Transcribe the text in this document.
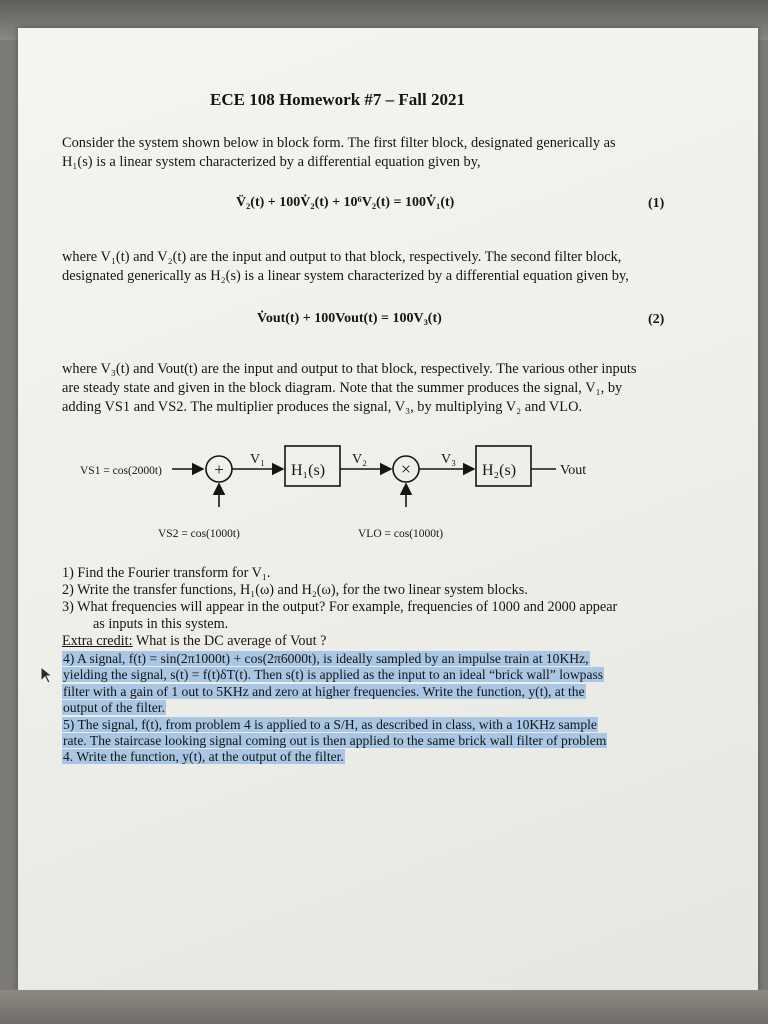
ECE 108 Homework #7 – Fall 2021
Consider the system shown below in block form. The first filter block, designated generically as
H₁(s) is a linear system characterized by a differential equation given by,
V̈₂(t) + 100V̇₂(t) + 10⁶V₂(t) = 100V̇₁(t)	(1)
where V₁(t) and V₂(t) are the input and output to that block, respectively. The second filter block,
designated generically as H₂(s) is a linear system characterized by a differential equation given by,
V̇out(t) + 100Vout(t) = 100V₃(t)	(2)
where V₃(t) and Vout(t) are the input and output to that block, respectively. The various other inputs
are steady state and given in the block diagram. Note that the summer produces the signal, V₁, by
adding VS1 and VS2. The multiplier produces the signal, V₃, by multiplying V₂ and VLO.
+	×
H₁(s)	H₂(s)
V₁	V₂	V₃
Vout
VS1 = cos(2000t)
VS2 = cos(1000t)	VLO = cos(1000t)
1) Find the Fourier transform for V₁.
2) Write the transfer functions, H₁(ω) and H₂(ω), for the two linear system blocks.
3) What frequencies will appear in the output? For example, frequencies of 1000 and 2000 appear
as inputs in this system.
Extra credit: What is the DC average of Vout ?
4) A signal, f(t) = sin(2π1000t) + cos(2π6000t), is ideally sampled by an impulse train at 10KHz,
yielding the signal, s(t) = f(t)δT(t). Then s(t) is applied as the input to an ideal “brick wall” lowpass
filter with a gain of 1 out to 5KHz and zero at higher frequencies. Write the function, y(t), at the
output of the filter.
5) The signal, f(t), from problem 4 is applied to a S/H, as described in class, with a 10KHz sample
rate. The staircase looking signal coming out is then applied to the same brick wall filter of problem
4. Write the function, y(t), at the output of the filter.
